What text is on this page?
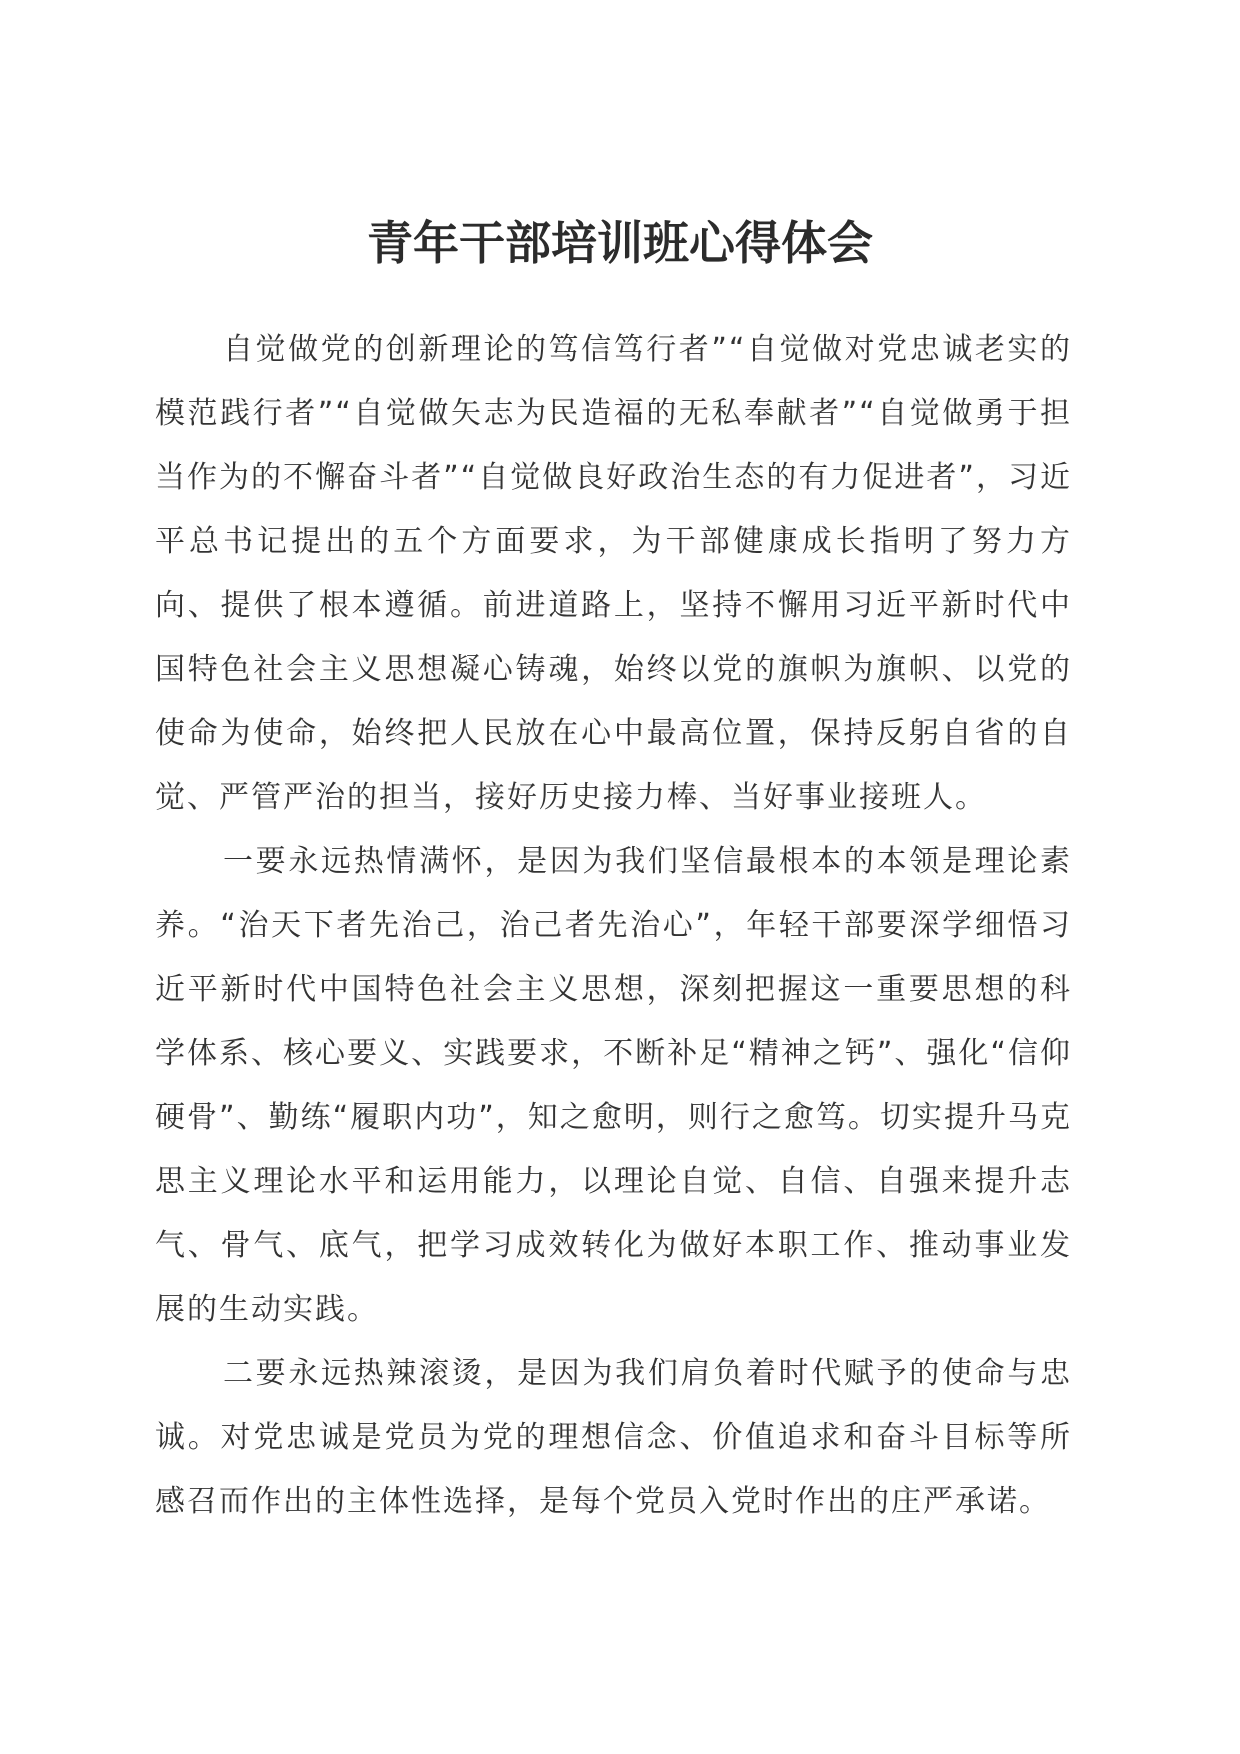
青年干部培训班心得体会

自觉做党的创新理论的笃信笃行者”“自觉做对党忠诚老实的模范践行者”“自觉做矢志为民造福的无私奉献者”“自觉做勇于担当作为的不懈奋斗者”“自觉做良好政治生态的有力促进者”，习近平总书记提出的五个方面要求，为干部健康成长指明了努力方向、提供了根本遵循。前进道路上，坚持不懈用习近平新时代中国特色社会主义思想凝心铸魂，始终以党的旗帜为旗帜、以党的使命为使命，始终把人民放在心中最高位置，保持反躬自省的自觉、严管严治的担当，接好历史接力棒、当好事业接班人。

一要永远热情满怀，是因为我们坚信最根本的本领是理论素养。“治天下者先治己，治己者先治心”，年轻干部要深学细悟习近平新时代中国特色社会主义思想，深刻把握这一重要思想的科学体系、核心要义、实践要求，不断补足“精神之钙”、强化“信仰硬骨”、勤练“履职内功”，知之愈明，则行之愈笃。切实提升马克思主义理论水平和运用能力，以理论自觉、自信、自强来提升志气、骨气、底气，把学习成效转化为做好本职工作、推动事业发展的生动实践。

二要永远热辣滚烫，是因为我们肩负着时代赋予的使命与忠诚。对党忠诚是党员为党的理想信念、价值追求和奋斗目标等所感召而作出的主体性选择，是每个党员入党时作出的庄严承诺。
